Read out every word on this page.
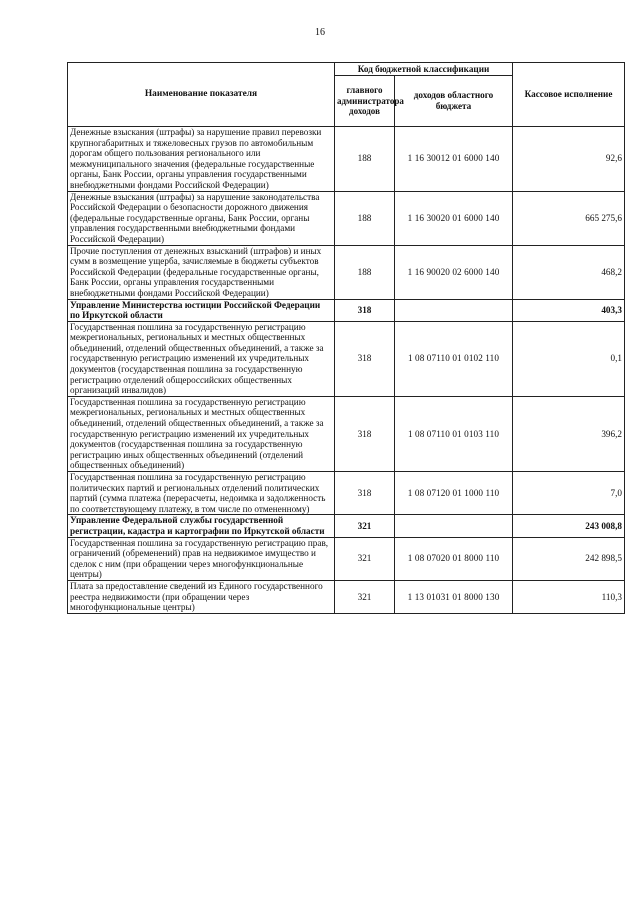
16
Наименование показателя	Код бюджетной классификации		Кассовое исполнение
	главного администратора доходов	доходов областного бюджета	
Денежные взыскания (штрафы) за нарушение правил перевозки крупногабаритных и тяжеловесных грузов по автомобильным дорогам общего пользования регионального или межмуниципального значения (федеральные государственные органы, Банк России, органы управления государственными внебюджетными фондами Российской Федерации)	188	1 16 30012 01 6000 140	92,6
Денежные взыскания (штрафы) за нарушение законодательства Российской Федерации о безопасности дорожного движения (федеральные государственные органы, Банк России, органы управления государственными внебюджетными фондами Российской Федерации)	188	1 16 30020 01 6000 140	665 275,6
Прочие поступления от денежных взысканий (штрафов) и иных сумм в возмещение ущерба, зачисляемые в бюджеты субъектов Российской Федерации (федеральные государственные органы, Банк России, органы управления государственными внебюджетными фондами Российской Федерации)	188	1 16 90020 02 6000 140	468,2
Управление Министерства юстиции Российской Федерации по Иркутской области	318		403,3
Государственная пошлина за государственную регистрацию межрегиональных, региональных и местных общественных объединений, отделений общественных объединений, а также за государственную регистрацию изменений их учредительных документов (государственная пошлина за государственную регистрацию отделений общероссийских общественных организаций инвалидов)	318	1 08 07110 01 0102 110	0,1
Государственная пошлина за государственную регистрацию межрегиональных, региональных и местных общественных объединений, отделений общественных объединений, а также за государственную регистрацию изменений их учредительных документов (государственная пошлина за государственную регистрацию иных общественных объединений (отделений общественных объединений)	318	1 08 07110 01 0103 110	396,2
Государственная пошлина за государственную регистрацию политических партий и региональных отделений политических партий (сумма платежа (перерасчеты, недоимка и задолженность по соответствующему платежу, в том числе по отмененному)	318	1 08 07120 01 1000 110	7,0
Управление Федеральной службы государственной регистрации, кадастра и картографии по Иркутской области	321		243 008,8
Государственная пошлина за государственную регистрацию прав, ограничений (обременений) прав на недвижимое имущество и сделок с ним (при обращении через многофункциональные центры)	321	1 08 07020 01 8000 110	242 898,5
Плата за предоставление сведений из Единого государственного реестра недвижимости (при обращении через многофункциональные центры)	321	1 13 01031 01 8000 130	110,3
